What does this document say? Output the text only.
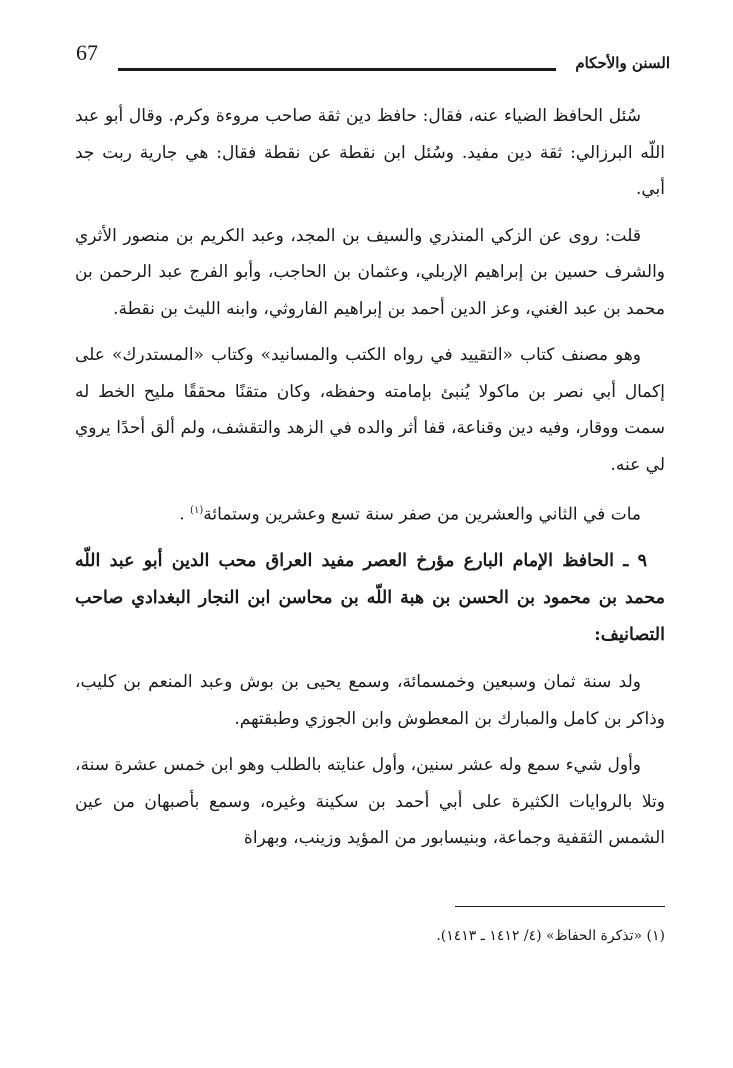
67	السنن والأحكام

سُئل الحافظ الضياء عنه، فقال: حافظ دين ثقة صاحب مروءة وكرم. وقال أبو عبد اللّه البرزالي: ثقة دين مفيد. وسُئل ابن نقطة عن نقطة فقال: هي جارية ربت جد أبي.

قلت: روى عن الزكي المنذري والسيف بن المجد، وعبد الكريم بن منصور الأثري والشرف حسين بن إبراهيم الإربلي، وعثمان بن الحاجب، وأبو الفرج عبد الرحمن بن محمد بن عبد الغني، وعز الدين أحمد بن إبراهيم الفاروثي، وابنه الليث بن نقطة.

وهو مصنف كتاب «التقييد في رواه الكتب والمسانيد» وكتاب «المستدرك» على إكمال أبي نصر بن ماكولا يُنبئ بإمامته وحفظه، وكان متقنًا محققًا مليح الخط له سمت ووقار، وفيه دين وقناعة، قفا أثر والده في الزهد والتقشف، ولم ألق أحدًا يروي لي عنه.

مات في الثاني والعشرين من صفر سنة تسع وعشرين وستمائة$^{(١)}$ .

٩ ـ الحافظ الإمام البارع مؤرخ العصر مفيد العراق محب الدين أبو عبد اللّه محمد بن محمود بن الحسن بن هبة اللّه بن محاسن ابن النجار البغدادي صاحب التصانيف:

ولد سنة ثمان وسبعين وخمسمائة، وسمع يحيى بن بوش وعبد المنعم بن كليب، وذاكر بن كامل والمبارك بن المعطوش وابن الجوزي وطبقتهم.

وأول شيء سمع وله عشر سنين، وأول عنايته بالطلب وهو ابن خمس عشرة سنة، وتلا بالروايات الكثيرة على أبي أحمد بن سكينة وغيره، وسمع بأصبهان من عين الشمس الثقفية وجماعة، وبنيسابور من المؤيد وزينب، وبهراة

(١) «تذكرة الحفاظ» (٤/ ١٤١٢ ـ ١٤١٣).
